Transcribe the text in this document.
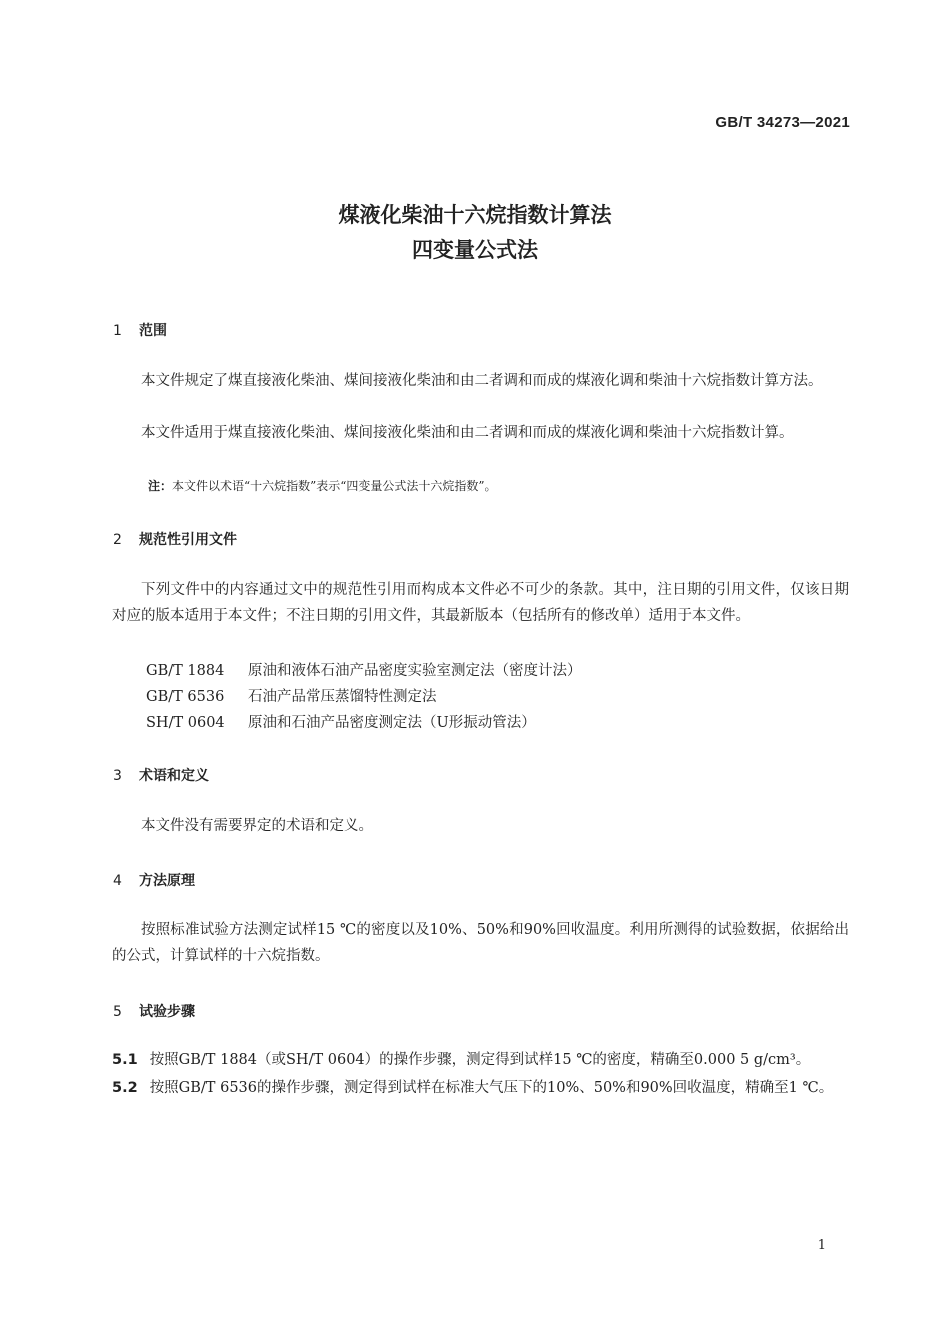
GB/T 34273—2021
煤液化柴油十六烷指数计算法
四变量公式法
1 范围

本文件规定了煤直接液化柴油、煤间接液化柴油和由二者调和而成的煤液化调和柴油十六烷指数计算方法。

本文件适用于煤直接液化柴油、煤间接液化柴油和由二者调和而成的煤液化调和柴油十六烷指数计算。

注：本文件以术语“十六烷指数”表示“四变量公式法十六烷指数”。
2 规范性引用文件

下列文件中的内容通过文中的规范性引用而构成本文件必不可少的条款。其中，注日期的引用文件，仅该日期对应的版本适用于本文件；不注日期的引用文件，其最新版本（包括所有的修改单）适用于本文件。

GB/T 1884 原油和液体石油产品密度实验室测定法（密度计法）
GB/T 6536 石油产品常压蒸馏特性测定法
SH/T 0604 原油和石油产品密度测定法（U形振动管法）
3 术语和定义

本文件没有需要界定的术语和定义。

4 方法原理

按照标准试验方法测定试样15 ℃的密度以及10%、50%和90%回收温度。利用所测得的试验数据，依据给出的公式，计算试样的十六烷指数。

5 试验步骤

5.1 按照GB/T 1884（或SH/T 0604）的操作步骤，测定得到试样15 ℃的密度，精确至0.000 5 g/cm³。

5.2 按照GB/T 6536的操作步骤，测定得到试样在标准大气压下的10%、50%和90%回收温度，精确至1 ℃。

1
